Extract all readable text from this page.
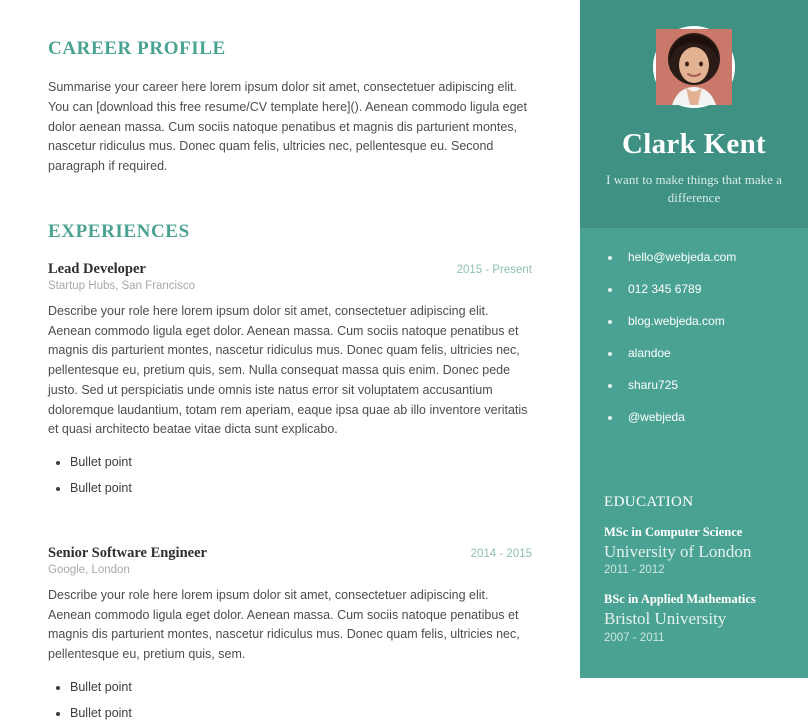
CAREER PROFILE

Summarise your career here lorem ipsum dolor sit amet, consectetuer adipiscing elit. You can [download this free resume/CV template here](). Aenean commodo ligula eget dolor aenean massa. Cum sociis natoque penatibus et magnis dis parturient montes, nascetur ridiculus mus. Donec quam felis, ultricies nec, pellentesque eu. Second paragraph if required.

EXPERIENCES
Lead Developer	2015 - Present
Startup Hubs, San Francisco

Describe your role here lorem ipsum dolor sit amet, consectetuer adipiscing elit. Aenean commodo ligula eget dolor. Aenean massa. Cum sociis natoque penatibus et magnis dis parturient montes, nascetur ridiculus mus. Donec quam felis, ultricies nec, pellentesque eu, pretium quis, sem. Nulla consequat massa quis enim. Donec pede justo. Sed ut perspiciatis unde omnis iste natus error sit voluptatem accusantium doloremque laudantium, totam rem aperiam, eaque ipsa quae ab illo inventore veritatis et quasi architecto beatae vitae dicta sunt explicabo.

• Bullet point
• Bullet point
Senior Software Engineer	2014 - 2015
Google, London

Describe your role here lorem ipsum dolor sit amet, consectetuer adipiscing elit. Aenean commodo ligula eget dolor. Aenean massa. Cum sociis natoque penatibus et magnis dis parturient montes, nascetur ridiculus mus. Donec quam felis, ultricies nec, pellentesque eu, pretium quis, sem.

• Bullet point
• Bullet point
Clark Kent

I want to make things that make a difference

• hello@webjeda.com
• 012 345 6789
• blog.webjeda.com
• alandoe
• sharu725
• @webjeda
EDUCATION
MSc in Computer Science
University of London
2011 - 2012
BSc in Applied Mathematics
Bristol University
2007 - 2011
